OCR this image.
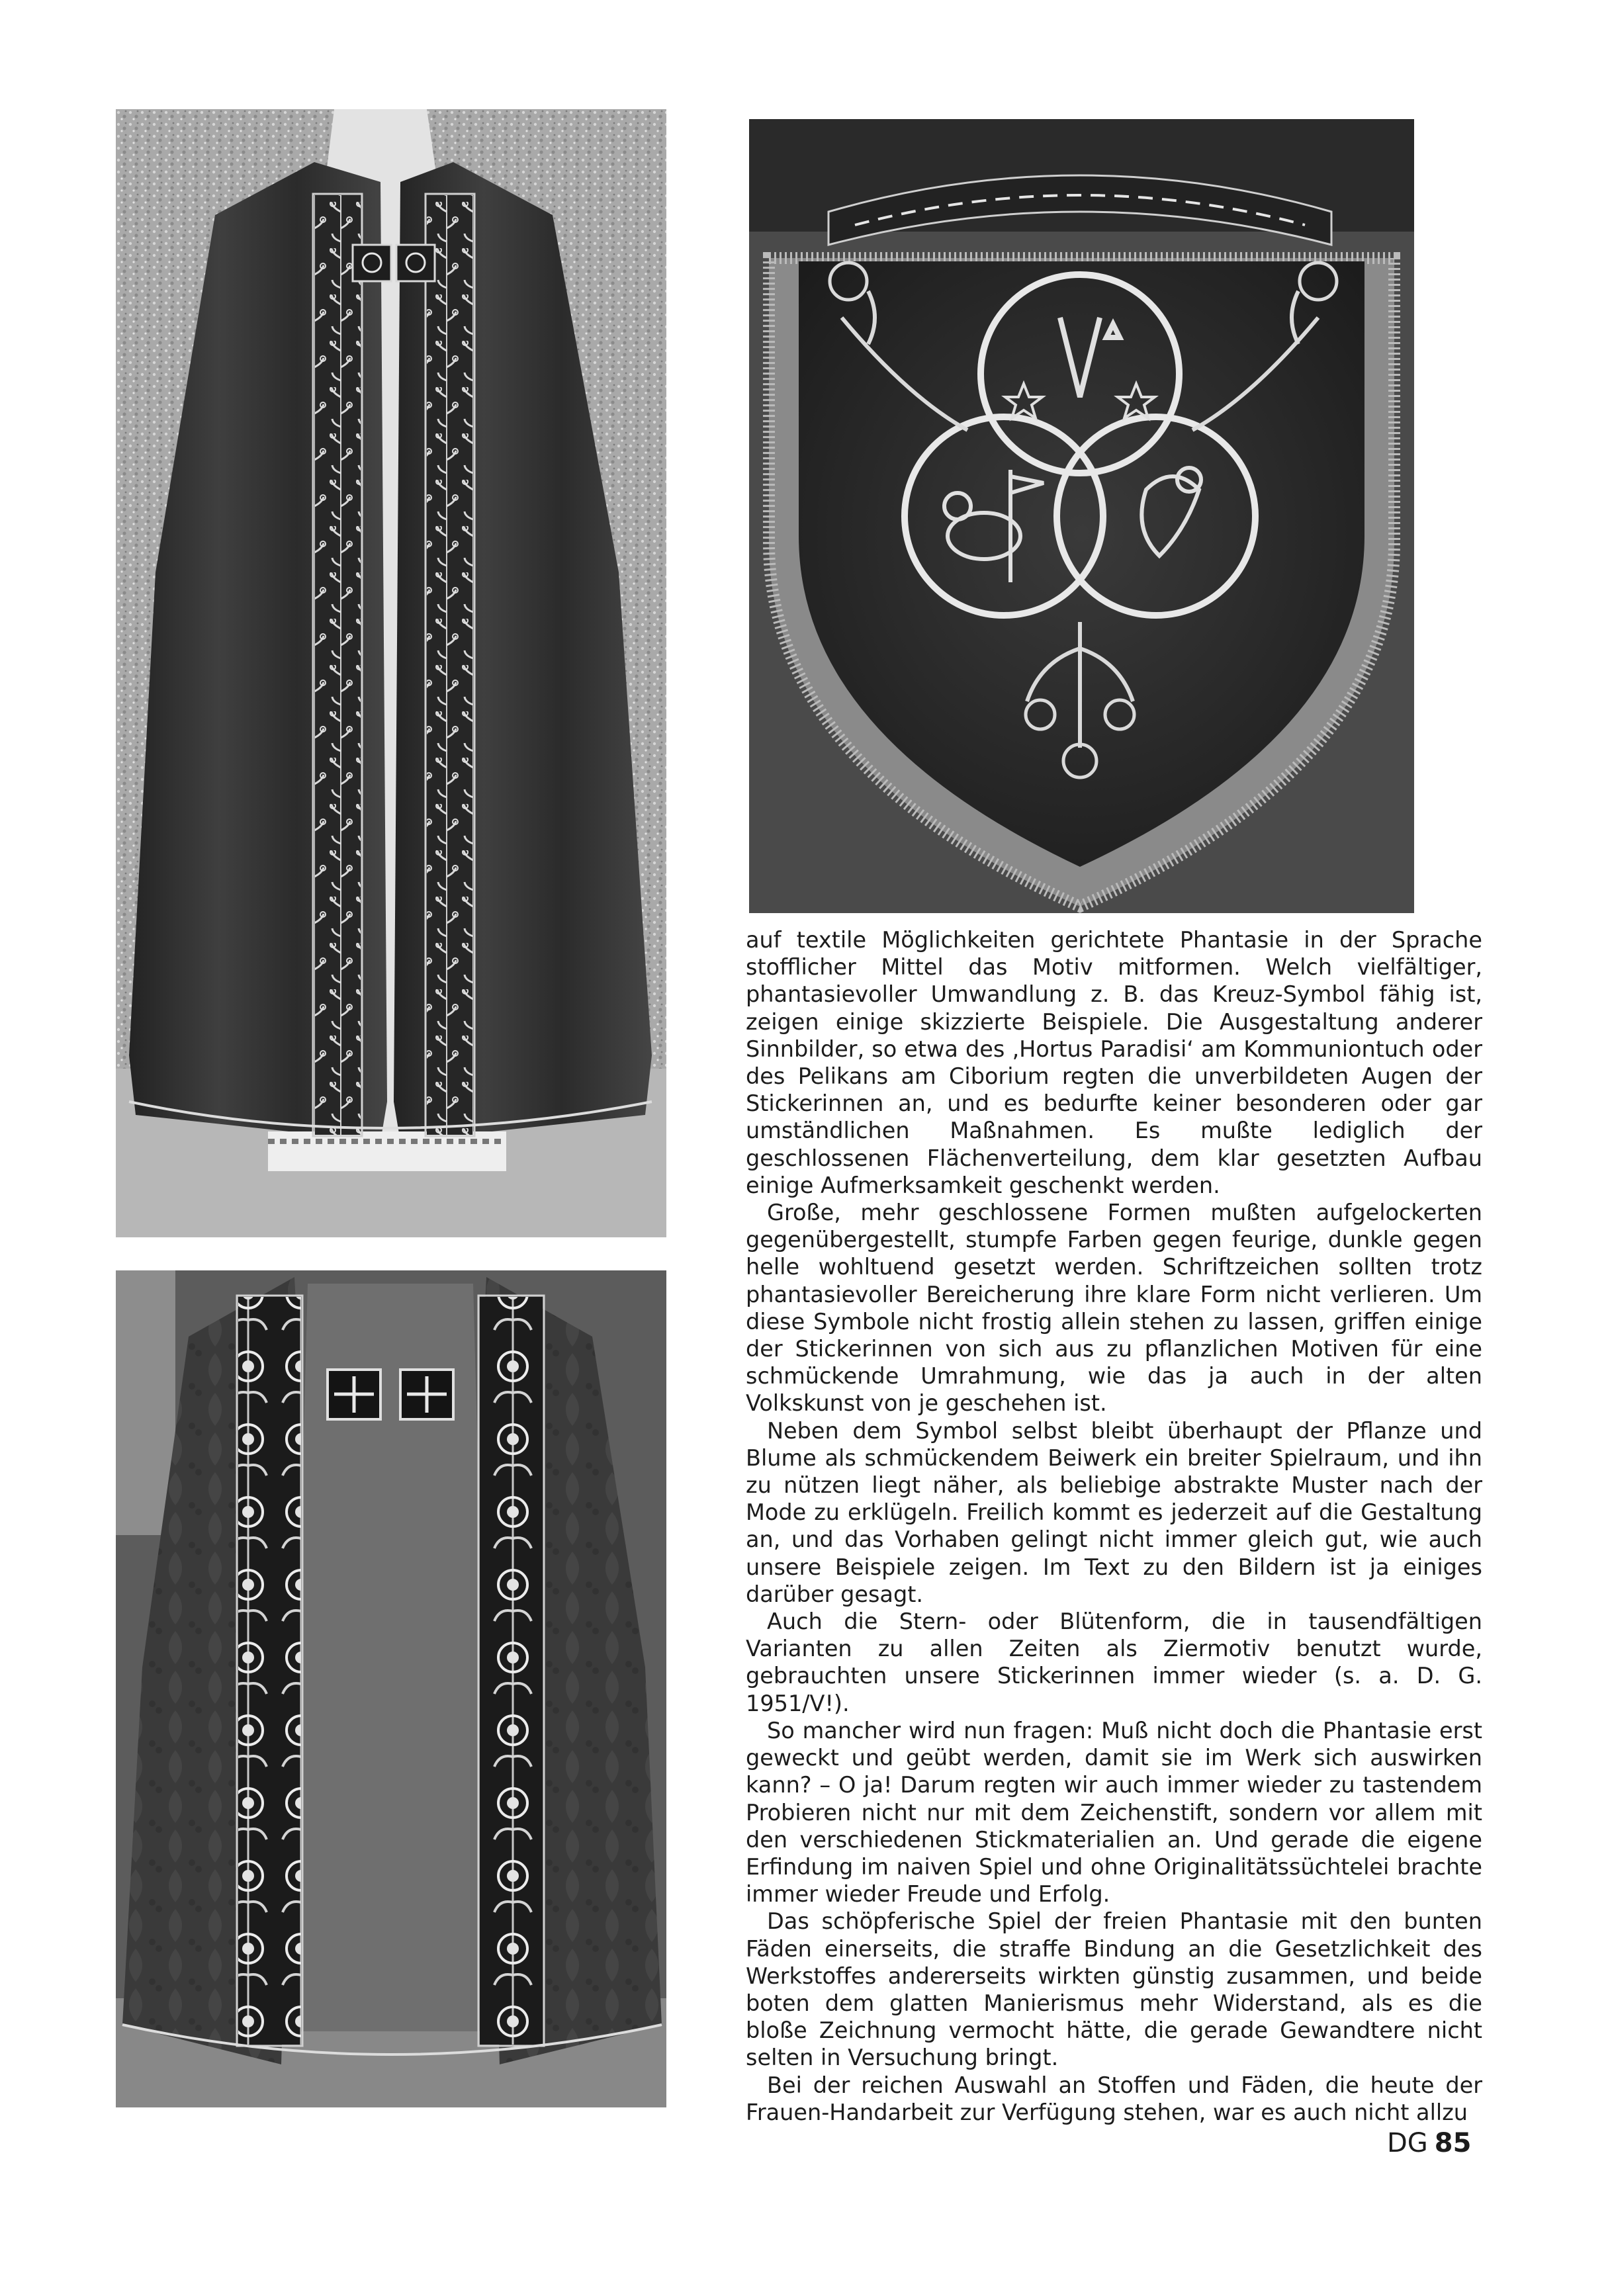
auf textile Möglichkeiten gerichtete Phantasie in der Sprache stofflicher Mittel das Motiv mitformen. Welch vielfältiger, phantasievoller Umwandlung z. B. das Kreuz-Symbol fähig ist, zeigen einige skizzierte Beispiele. Die Ausgestaltung anderer Sinnbilder, so etwa des ‚Hortus Paradisi‘ am Kommuniontuch oder des Pelikans am Ciborium regten die unverbildeten Augen der Stickerinnen an, und es bedurfte keiner besonderen oder gar umständlichen Maßnahmen. Es mußte lediglich der geschlossenen Flächenverteilung, dem klar gesetzten Aufbau einige Aufmerksamkeit geschenkt werden.

Große, mehr geschlossene Formen mußten aufgelockerten gegenübergestellt, stumpfe Farben gegen feurige, dunkle gegen helle wohltuend gesetzt werden. Schriftzeichen sollten trotz phantasievoller Bereicherung ihre klare Form nicht verlieren. Um diese Symbole nicht frostig allein stehen zu lassen, griffen einige der Stickerinnen von sich aus zu pflanzlichen Motiven für eine schmückende Umrahmung, wie das ja auch in der alten Volkskunst von je geschehen ist.

Neben dem Symbol selbst bleibt überhaupt der Pflanze und Blume als schmückendem Beiwerk ein breiter Spielraum, und ihn zu nützen liegt näher, als beliebige abstrakte Muster nach der Mode zu erklügeln. Freilich kommt es jederzeit auf die Gestaltung an, und das Vorhaben gelingt nicht immer gleich gut, wie auch unsere Beispiele zeigen. Im Text zu den Bildern ist ja einiges darüber gesagt.

Auch die Stern- oder Blütenform, die in tausendfältigen Varianten zu allen Zeiten als Ziermotiv benutzt wurde, gebrauchten unsere Stickerinnen immer wieder (s. a. D. G. 1951/V!).

So mancher wird nun fragen: Muß nicht doch die Phantasie erst geweckt und geübt werden, damit sie im Werk sich auswirken kann? – O ja! Darum regten wir auch immer wieder zu tastendem Probieren nicht nur mit dem Zeichenstift, sondern vor allem mit den verschiedenen Stickmaterialien an. Und gerade die eigene Erfindung im naiven Spiel und ohne Originalitätssüchtelei brachte immer wieder Freude und Erfolg.

Das schöpferische Spiel der freien Phantasie mit den bunten Fäden einerseits, die straffe Bindung an die Gesetzlichkeit des Werkstoffes andererseits wirkten günstig zusammen, und beide boten dem glatten Manierismus mehr Widerstand, als es die bloße Zeichnung vermocht hätte, die gerade Gewandtere nicht selten in Versuchung bringt.

Bei der reichen Auswahl an Stoffen und Fäden, die heute der Frauen-Handarbeit zur Verfügung stehen, war es auch nicht allzu

DG 85
